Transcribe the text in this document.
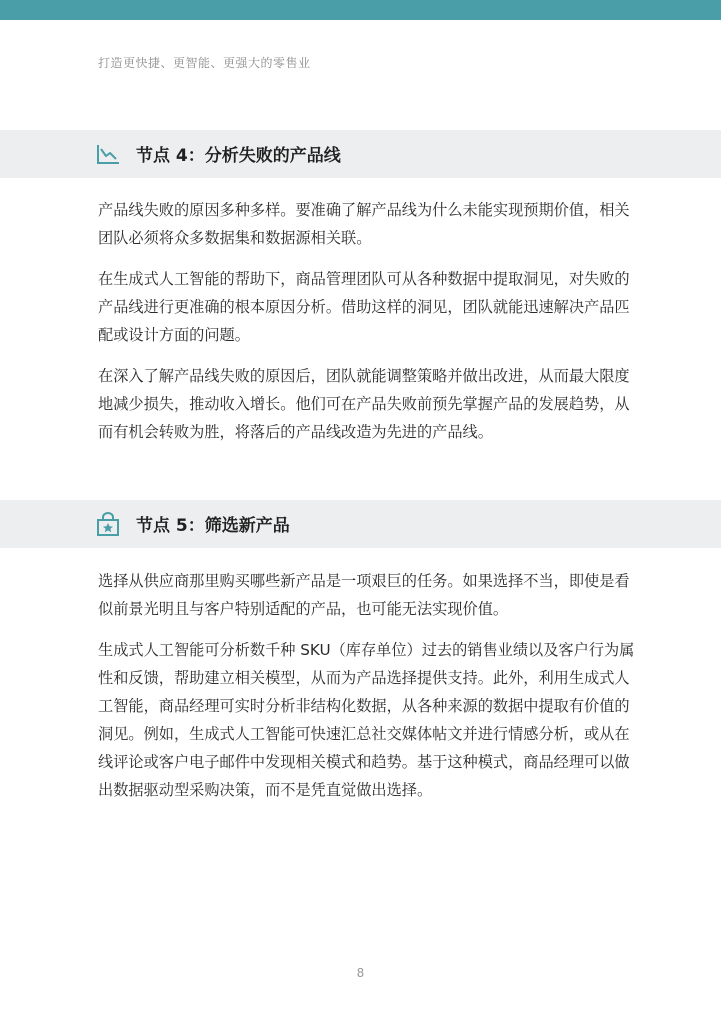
打造更快捷、更智能、更强大的零售业
节点 4：分析失败的产品线

产品线失败的原因多种多样。要准确了解产品线为什么未能实现预期价值，相关团队必须将众多数据集和数据源相关联。

在生成式人工智能的帮助下，商品管理团队可从各种数据中提取洞见，对失败的产品线进行更准确的根本原因分析。借助这样的洞见，团队就能迅速解决产品匹配或设计方面的问题。

在深入了解产品线失败的原因后，团队就能调整策略并做出改进，从而最大限度地减少损失，推动收入增长。他们可在产品失败前预先掌握产品的发展趋势，从而有机会转败为胜，将落后的产品线改造为先进的产品线。

节点 5：筛选新产品

选择从供应商那里购买哪些新产品是一项艰巨的任务。如果选择不当，即使是看似前景光明且与客户特别适配的产品，也可能无法实现价值。

生成式人工智能可分析数千种 SKU（库存单位）过去的销售业绩以及客户行为属性和反馈，帮助建立相关模型，从而为产品选择提供支持。此外，利用生成式人工智能，商品经理可实时分析非结构化数据，从各种来源的数据中提取有价值的洞见。例如，生成式人工智能可快速汇总社交媒体帖文并进行情感分析，或从在线评论或客户电子邮件中发现相关模式和趋势。基于这种模式，商品经理可以做出数据驱动型采购决策，而不是凭直觉做出选择。

8
